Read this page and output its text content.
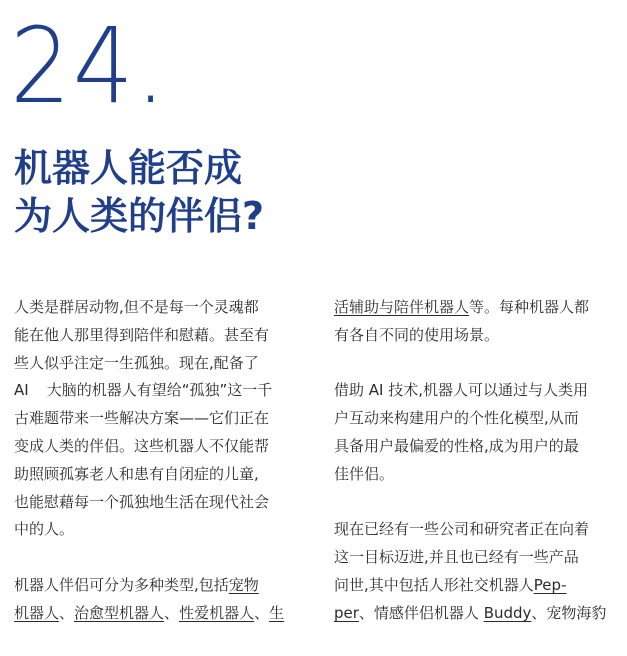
24.
机器人能否成
为人类的伴侣?
人类是群居动物,但不是每一个灵魂都
能在他人那里得到陪伴和慰藉。甚至有
些人似乎注定一生孤独。现在,配备了
AI 大脑的机器人有望给“孤独”这一千
古难题带来一些解决方案——它们正在
变成人类的伴侣。这些机器人不仅能帮
助照顾孤寡老人和患有自闭症的儿童,
也能慰藉每一个孤独地生活在现代社会
中的人。
机器人伴侣可分为多种类型,包括宠物
机器人、治愈型机器人、性爱机器人、生
活辅助与陪伴机器人等。每种机器人都
有各自不同的使用场景。
借助 AI 技术,机器人可以通过与人类用
户互动来构建用户的个性化模型,从而
具备用户最偏爱的性格,成为用户的最
佳伴侣。
现在已经有一些公司和研究者正在向着
这一目标迈进,并且也已经有一些产品
问世,其中包括人形社交机器人Pep-
per、情感伴侣机器人 Buddy、宠物海豹
